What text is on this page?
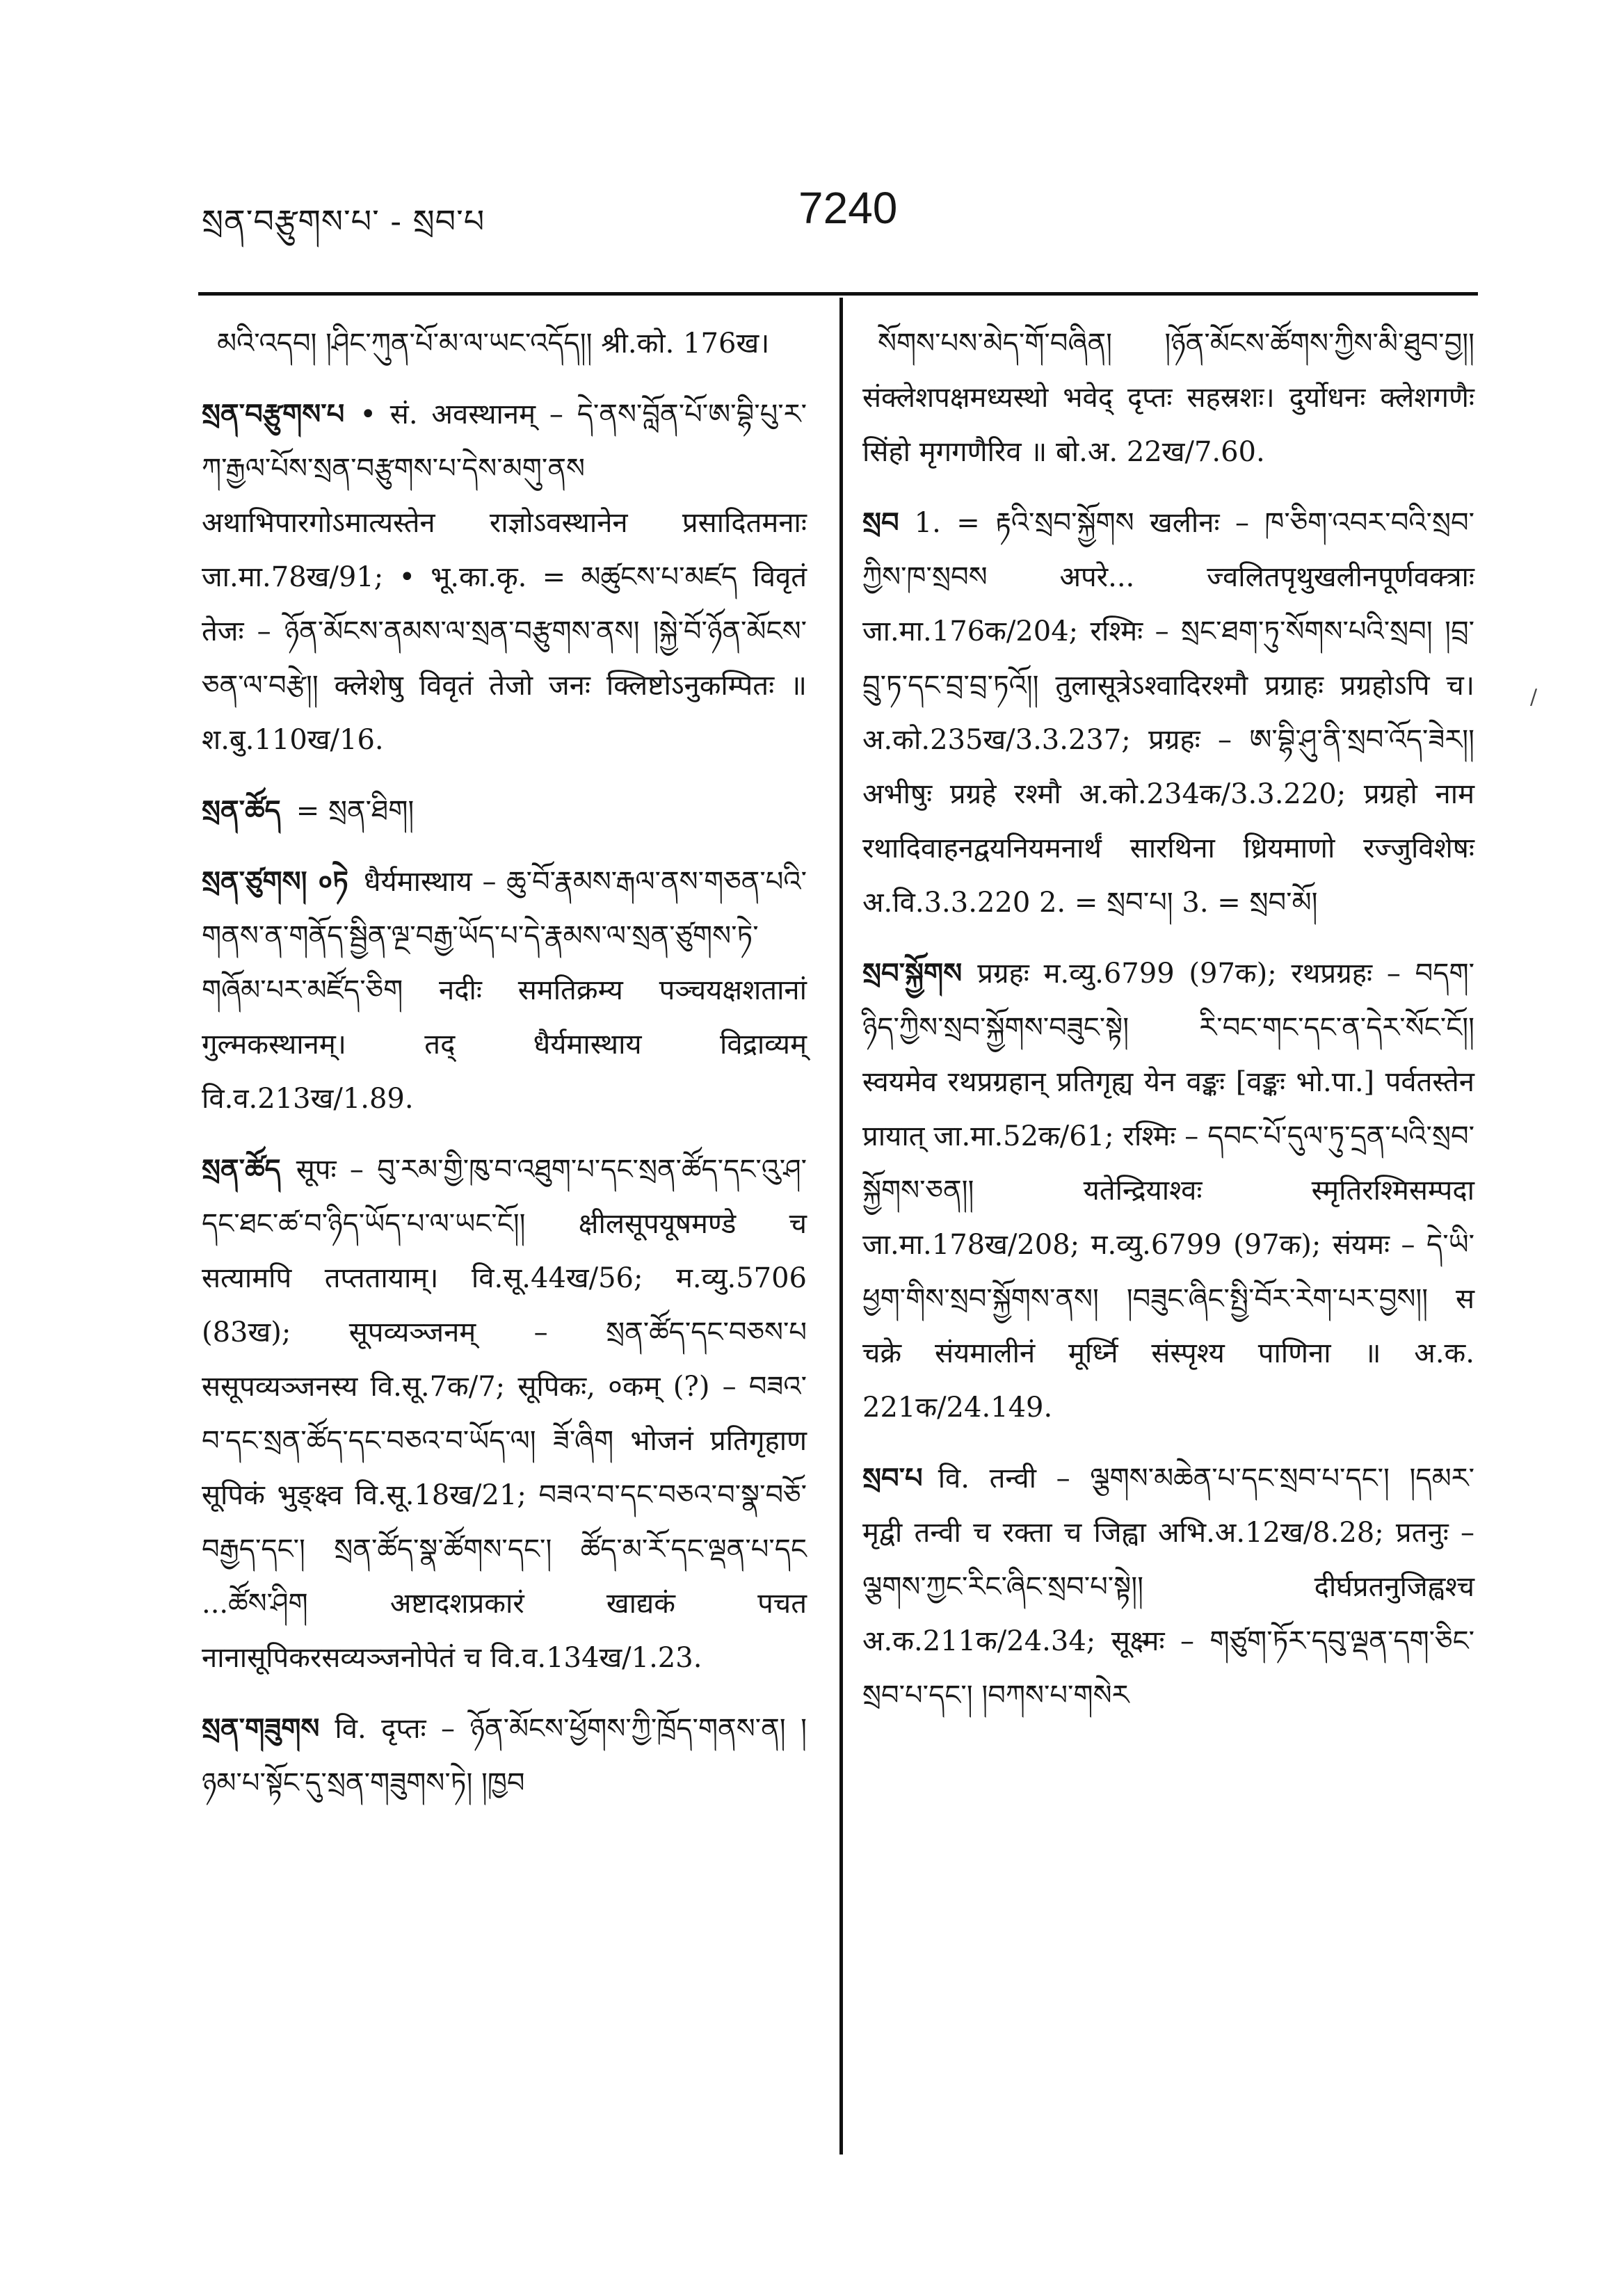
སྲན་བརྩུགས་པ་ - སྲབ་པ	7240

མའི་འདབ། །ཤིང་ཀུན་པོ་མ་ལ་ཡང་འདོད།། श्री.को. 176ख।

སྲན་བརྩུགས་པ • सं. अवस्थानम् – དེ་ནས་བློན་པོ་ཨ་བྷི་པུ་ར་ཀ་རྒྱལ་པོས་སྲན་བརྩུགས་པ་དེས་མགུ་ནས अथाभिपारगोऽमात्यस्तेन राज्ञोऽवस्थानेन प्रसादितमनाः जा.मा.78ख/91; • भू.का.कृ. = མཚུངས་པ་མཛད विवृतं तेजः – ཉོན་མོངས་ནམས་ལ་སྲན་བརྩུགས་ནས། །སྐྱེ་བོ་ཉོན་མོངས་ཅན་ལ་བརྩེ།། क्लेशेषु विवृतं तेजो जनः क्लिष्टोऽनुकम्पितः ॥ श.बु.110ख/16.

སྲན་ཚོད = སྲན་ཐིག།

སྲན་ཙུགས། ०ཏེ धैर्यमास्थाय – ཆུ་བོ་རྣམས་རྒལ་ནས་གཅན་པའི་གནས་ན་གནོད་སྦྱིན་ལྔ་བརྒྱ་ཡོད་པ་དེ་རྣམས་ལ་སྲན་ཙུགས་ཏེ་གཞོམ་པར་མཛོད་ཅིག नदीः समतिक्रम्य पञ्चयक्षशतानां गुल्मकस्थानम्। तद् धैर्यमास्थाय विद्राव्यम् वि.व.213ख/1.89.

སྲན་ཚོད सूपः – བུ་རམ་གྱི་ཁུ་བ་འཐུག་པ་དང་སྲན་ཚོད་དང་འུ་ཤ་དང་ཐང་ཚ་བ་ཉིད་ཡོད་པ་ལ་ཡང་ངོ།། क्षीलसूपयूषमण्डे च सत्यामपि तप्ततायाम्। वि.सू.44ख/56; म.व्यु.5706 (83ख); सूपव्यञ्जनम् – སྲན་ཚོད་དང་བཅས་པ ससूपव्यञ्जनस्य वि.सू.7क/7; सूपिकः, ०कम् (?) – བཟའ་བ་དང་སྲན་ཚོད་དང་བཅའ་བ་ཡོད་ལ། ཟོ་ཞིག भोजनं प्रतिगृहाण सूपिकं भुङ्क्ष्व वि.सू.18ख/21; བཟའ་བ་དང་བཅའ་བ་སྣ་བཅོ་བརྒྱད་དང་། སྲན་ཚོད་སྣ་ཚོགས་དང་། ཚོད་མ་རོ་དང་ལྡན་པ་དང ...ཚོས་ཤིག अष्टादशप्रकारं खाद्यकं पचत नानासूपिकरसव्यञ्जनोपेतं च वि.व.134ख/1.23.

སྲན་གཟུགས वि. दृप्तः – ཉོན་མོངས་ཕྱོགས་ཀྱི་ཁྲོད་གནས་ན། །ཉམ་པ་སྟོང་དུ་སྲན་གཟུགས་ཏེ། །ཁྱབ

སོགས་པས་མེད་གོ་བཞིན། །ཉོན་མོངས་ཚོགས་ཀྱིས་མི་ཐུབ་བྱ།། संक्लेशपक्षमध्यस्थो भवेद् दृप्तः सहस्रशः। दुर्योधनः क्लेशगणैः सिंहो मृगगणैरिव ॥ बो.अ. 22ख/7.60.

སྲབ 1. = རྟའི་སྲབ་སྐྱོགས खलीनः – ཁ་ཅིག་འབར་བའི་སྲབ་ཀྱིས་ཁ་སྲབས अपरे... ज्वलितपृथुखलीनपूर्णवक्त्राः जा.मा.176क/204; रश्मिः – སྲང་ཐག་ཏུ་སོགས་པའི་སྲབ། །བྲ་བྲུ་ཏ་དང་བྲ་བྲ་ཏའོ།། तुलासूत्रेऽश्वादिरश्मौ प्रग्राहः प्रग्रहोऽपि च। अ.को.235ख/3.3.237; प्रग्रहः – ཨ་བྷི་ཤུ་ནི་སྲབ་འོད་ཟེར།། अभीषुः प्रग्रहे रश्मौ अ.को.234क/3.3.220; प्रग्रहो नाम रथादिवाहनद्वयनियमनार्थं सारथिना ध्रियमाणो रज्जुविशेषः अ.वि.3.3.220 2. = སྲབ་པ། 3. = སྲབ་མོ།

སྲབ་སྐྱོགས प्रग्रहः म.व्यु.6799 (97क); रथप्रग्रहः – བདག་ཉིད་ཀྱིས་སྲབ་སྐྱོགས་བཟུང་སྟེ། རི་བང་གང་དང་ན་དེར་སོང་ངོ།། स्वयमेव रथप्रग्रहान् प्रतिगृह्य येन वङ्कः [वङ्कः भो.पा.] पर्वतस्तेन प्रायात् जा.मा.52क/61; रश्मिः – དབང་པོ་དུལ་ཏུ་དྲན་པའི་སྲབ་སྐྱོགས་ཅན།། यतेन्द्रियाश्वः स्मृतिरश्मिसम्पदा जा.मा.178ख/208; म.व्यु.6799 (97क); संयमः – དེ་ཡི་ཕྱག་གིས་སྲབ་སྐྱོགས་ནས། །བཟུང་ཞིང་སྤྱི་བོར་རེག་པར་བྱས།། स चक्रे संयमालीनं मूर्ध्नि संस्पृश्य पाणिना ॥ अ.क. 221क/24.149.

སྲབ་པ वि. तन्वी – ལྕགས་མཆེན་པ་དང་སྲབ་པ་དང་། །དམར་ मृद्वी तन्वी च रक्ता च जिह्वा अभि.अ.12ख/8.28; प्रतनुः – ལྕགས་ཀྱང་རིང་ཞིང་སྲབ་པ་སྟེ།། दीर्घप्रतनुजिह्वश्च अ.क.211क/24.34; सूक्ष्मः – གཙུག་ཏོར་དབུ་ལྡན་དག་ཅིང་སྲབ་པ་དང་། །བཀས་པ་གསེར

/
